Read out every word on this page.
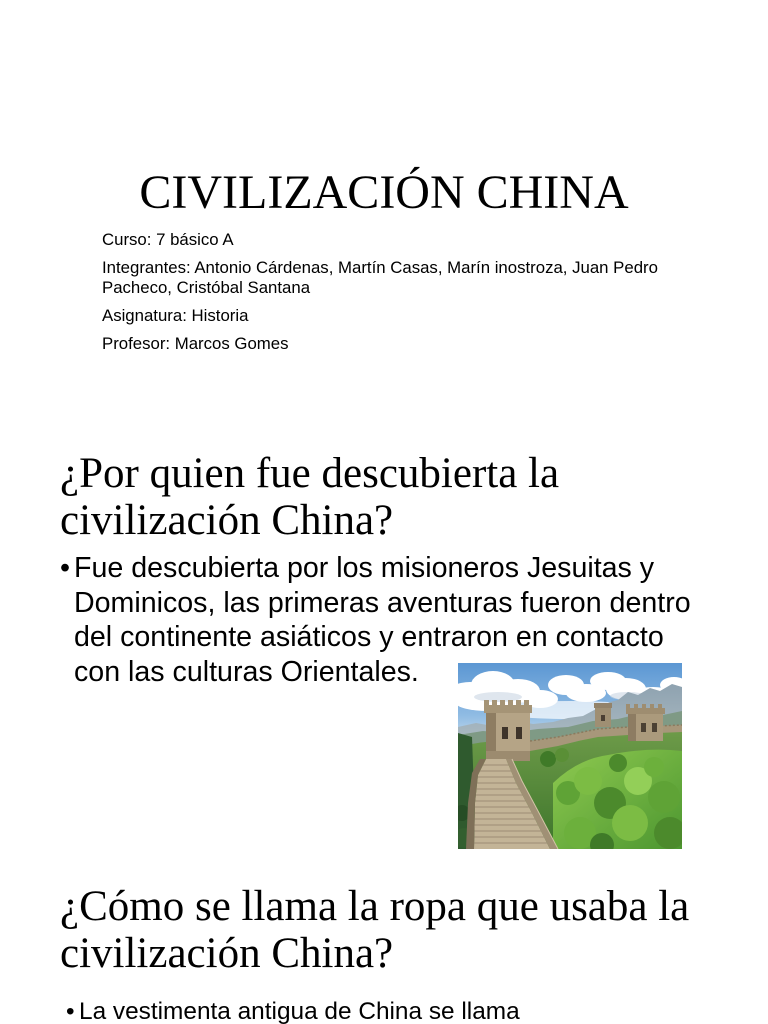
CIVILIZACIÓN CHINA

Curso: 7 básico A

Integrantes: Antonio Cárdenas, Martín Casas, Marín inostroza, Juan Pedro Pacheco, Cristóbal Santana

Asignatura: Historia

Profesor: Marcos Gomes

¿Por quien fue descubierta la civilización China?
•
Fue descubierta por los misioneros Jesuitas y Dominicos, las primeras aventuras fueron dentro del continente asiáticos y entraron en contacto con las culturas Orientales.
¿Cómo se llama la ropa que usaba la civilización China?
•
La vestimenta antigua de China se llama
